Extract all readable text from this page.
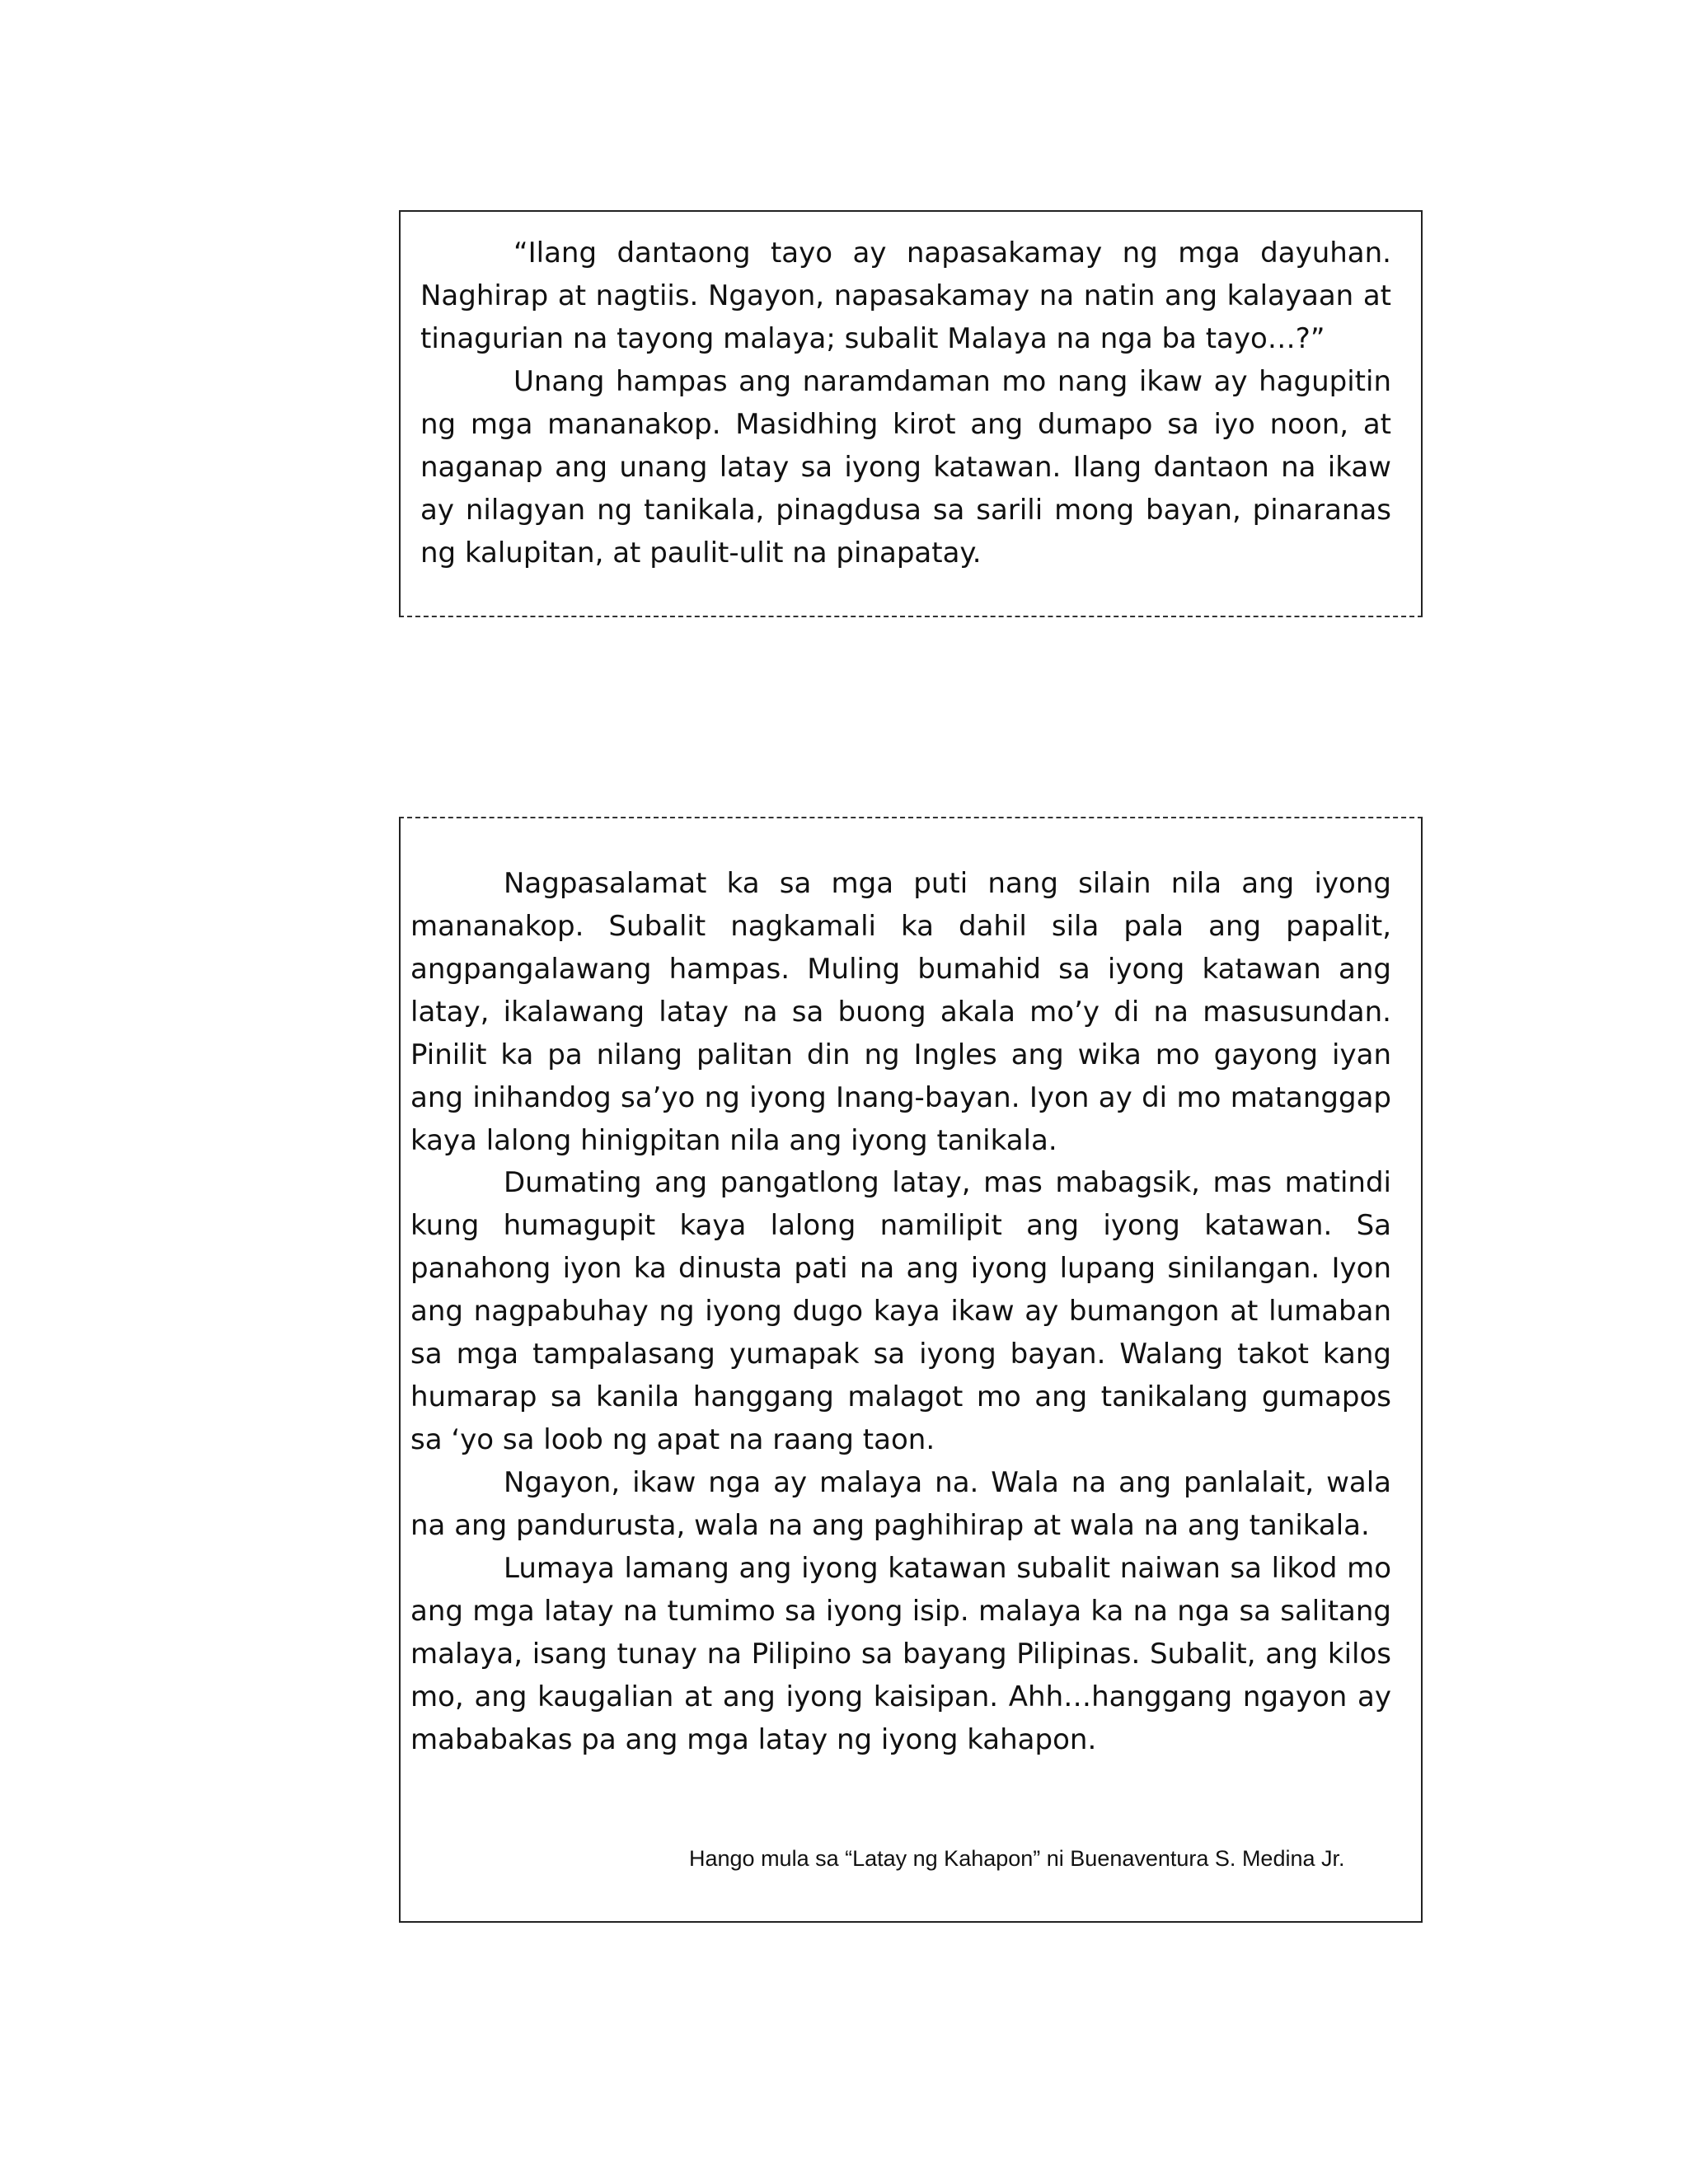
“Ilang dantaong tayo ay napasakamay ng mga dayuhan. Naghirap at nagtiis. Ngayon, napasakamay na natin ang kalayaan at tinagurian na tayong malaya; subalit Malaya na nga ba tayo…?”

Unang hampas ang naramdaman mo nang ikaw ay hagupitin ng mga mananakop. Masidhing kirot ang dumapo sa iyo noon, at naganap ang unang latay sa iyong katawan. Ilang dantaon na ikaw ay nilagyan ng tanikala, pinagdusa sa sarili mong bayan, pinaranas ng kalupitan, at paulit-ulit na pinapatay.

Nagpasalamat ka sa mga puti nang silain nila ang iyong mananakop. Subalit nagkamali ka dahil sila pala ang papalit, angpangalawang hampas. Muling bumahid sa iyong katawan ang latay, ikalawang latay na sa buong akala mo’y di na masusundan. Pinilit ka pa nilang palitan din ng Ingles ang wika mo gayong iyan ang inihandog sa’yo ng iyong Inang-bayan. Iyon ay di mo matanggap kaya lalong hinigpitan nila ang iyong tanikala.

Dumating ang pangatlong latay, mas mabagsik, mas matindi kung humagupit kaya lalong namilipit ang iyong katawan. Sa panahong iyon ka dinusta pati na ang iyong lupang sinilangan. Iyon ang nagpabuhay ng iyong dugo kaya ikaw ay bumangon at lumaban sa mga tampalasang yumapak sa iyong bayan. Walang takot kang humarap sa kanila hanggang malagot mo ang tanikalang gumapos sa ‘yo sa loob ng apat na raang taon.

Ngayon, ikaw nga ay malaya na. Wala na ang panlalait, wala na ang pandurusta, wala na ang paghihirap at wala na ang tanikala.

Lumaya lamang ang iyong katawan subalit naiwan sa likod mo ang mga latay na tumimo sa iyong isip. malaya ka na nga sa salitang malaya, isang tunay na Pilipino sa bayang Pilipinas. Subalit, ang kilos mo, ang kaugalian at ang iyong kaisipan. Ahh…hanggang ngayon ay mababakas pa ang mga latay ng iyong kahapon.

Hango mula sa “Latay ng Kahapon” ni Buenaventura S. Medina Jr.
